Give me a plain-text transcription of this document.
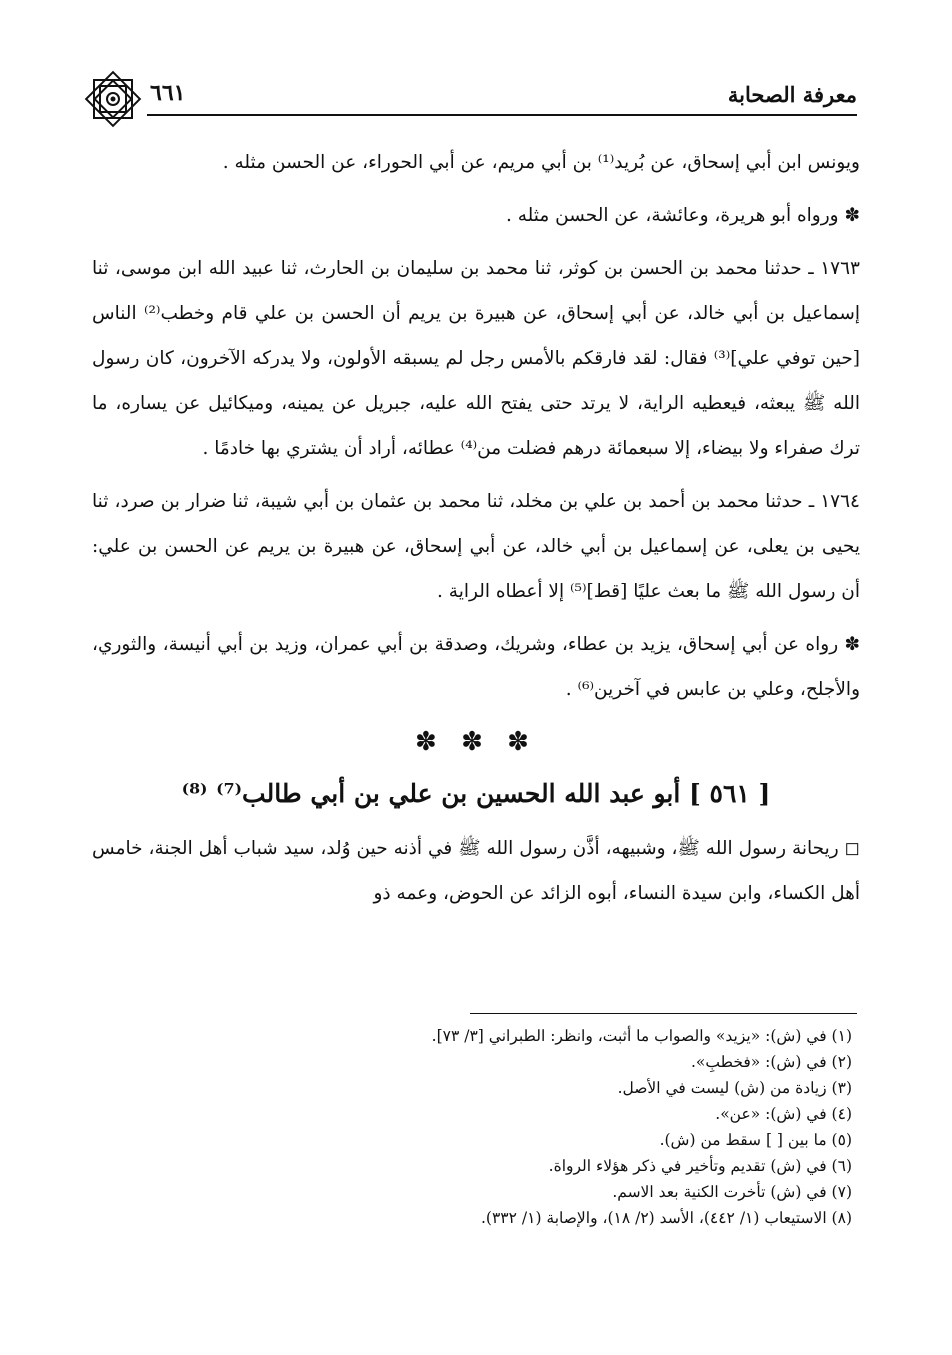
٦٦١	معرفة الصحابة

ويونس ابن أبي إسحاق، عن بُريد⁽¹⁾ بن أبي مريم، عن أبي الحوراء، عن الحسن مثله .

✽ ورواه أبو هريرة، وعائشة، عن الحسن مثله .

١٧٦٣ ـ حدثنا محمد بن الحسن بن كوثر، ثنا محمد بن سليمان بن الحارث، ثنا عبيد الله ابن موسى، ثنا إسماعيل بن أبي خالد، عن أبي إسحاق، عن هبيرة بن يريم أن الحسن بن علي قام وخطب⁽²⁾ الناس [حين توفي علي]⁽³⁾ فقال: لقد فارقكم بالأمس رجل لم يسبقه الأولون، ولا يدركه الآخرون، كان رسول الله ﷺ يبعثه، فيعطيه الراية، لا يرتد حتى يفتح الله عليه، جبريل عن يمينه، وميكائيل عن يساره، ما ترك صفراء ولا بيضاء، إلا سبعمائة درهم فضلت من⁽⁴⁾ عطائه، أراد أن يشتري بها خادمًا .

١٧٦٤ ـ حدثنا محمد بن أحمد بن علي بن مخلد، ثنا محمد بن عثمان بن أبي شيبة، ثنا ضرار بن صرد، ثنا يحيى بن يعلى، عن إسماعيل بن أبي خالد، عن أبي إسحاق، عن هبيرة بن يريم عن الحسن بن علي: أن رسول الله ﷺ ما بعث عليًا [قط]⁽⁵⁾ إلا أعطاه الراية .

✽ رواه عن أبي إسحاق، يزيد بن عطاء، وشريك، وصدقة بن أبي عمران، وزيد بن أبي أنيسة، والثوري، والأجلح، وعلي بن عابس في آخرين⁽⁶⁾ .

✽ ✽ ✽
[ ٥٦١ ] أبو عبد الله الحسين بن علي بن أبي طالب⁽⁷⁾ ⁽⁸⁾

◻ ريحانة رسول الله ﷺ، وشبيهه، أذَّن رسول الله ﷺ في أذنه حين وُلد، سيد شباب أهل الجنة، خامس أهل الكساء، وابن سيدة النساء، أبوه الزائد عن الحوض، وعمه ذو

(١) في (ش): «يزيد» والصواب ما أثبت، وانظر: الطبراني [٣/ ٧٣].

(٢) في (ش): «فخطبِ».

(٣) زيادة من (ش) ليست في الأصل.

(٤) في (ش): «عن».

(٥) ما بين [ ] سقط من (ش).

(٦) في (ش) تقديم وتأخير في ذكر هؤلاء الرواة.

(٧) في (ش) تأخرت الكنية بعد الاسم.

(٨) الاستيعاب (١/ ٤٤٢)، الأسد (٢/ ١٨)، والإصابة (١/ ٣٣٢).
